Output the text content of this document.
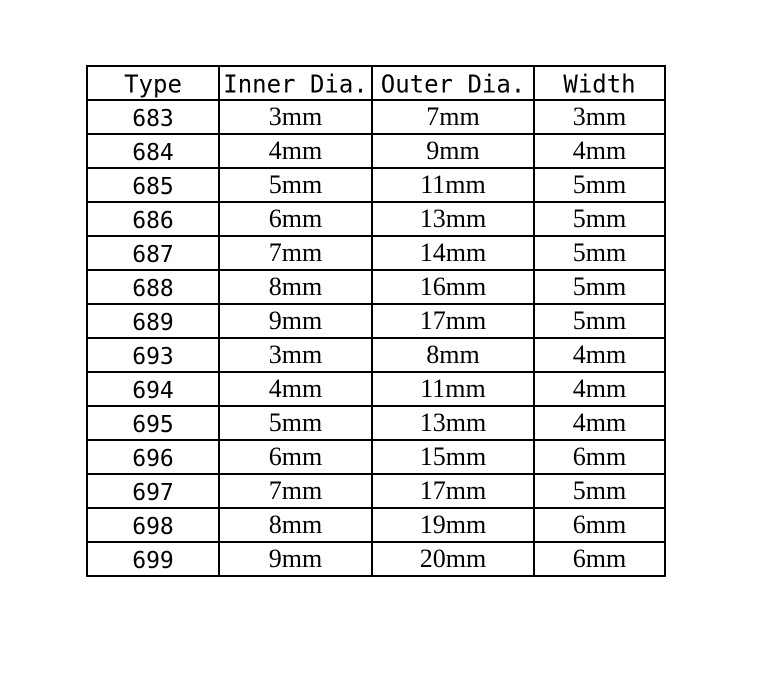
Type	Inner Dia.	Outer Dia.	Width
683	3mm	7mm	3mm
684	4mm	9mm	4mm
685	5mm	11mm	5mm
686	6mm	13mm	5mm
687	7mm	14mm	5mm
688	8mm	16mm	5mm
689	9mm	17mm	5mm
693	3mm	8mm	4mm
694	4mm	11mm	4mm
695	5mm	13mm	4mm
696	6mm	15mm	6mm
697	7mm	17mm	5mm
698	8mm	19mm	6mm
699	9mm	20mm	6mm
